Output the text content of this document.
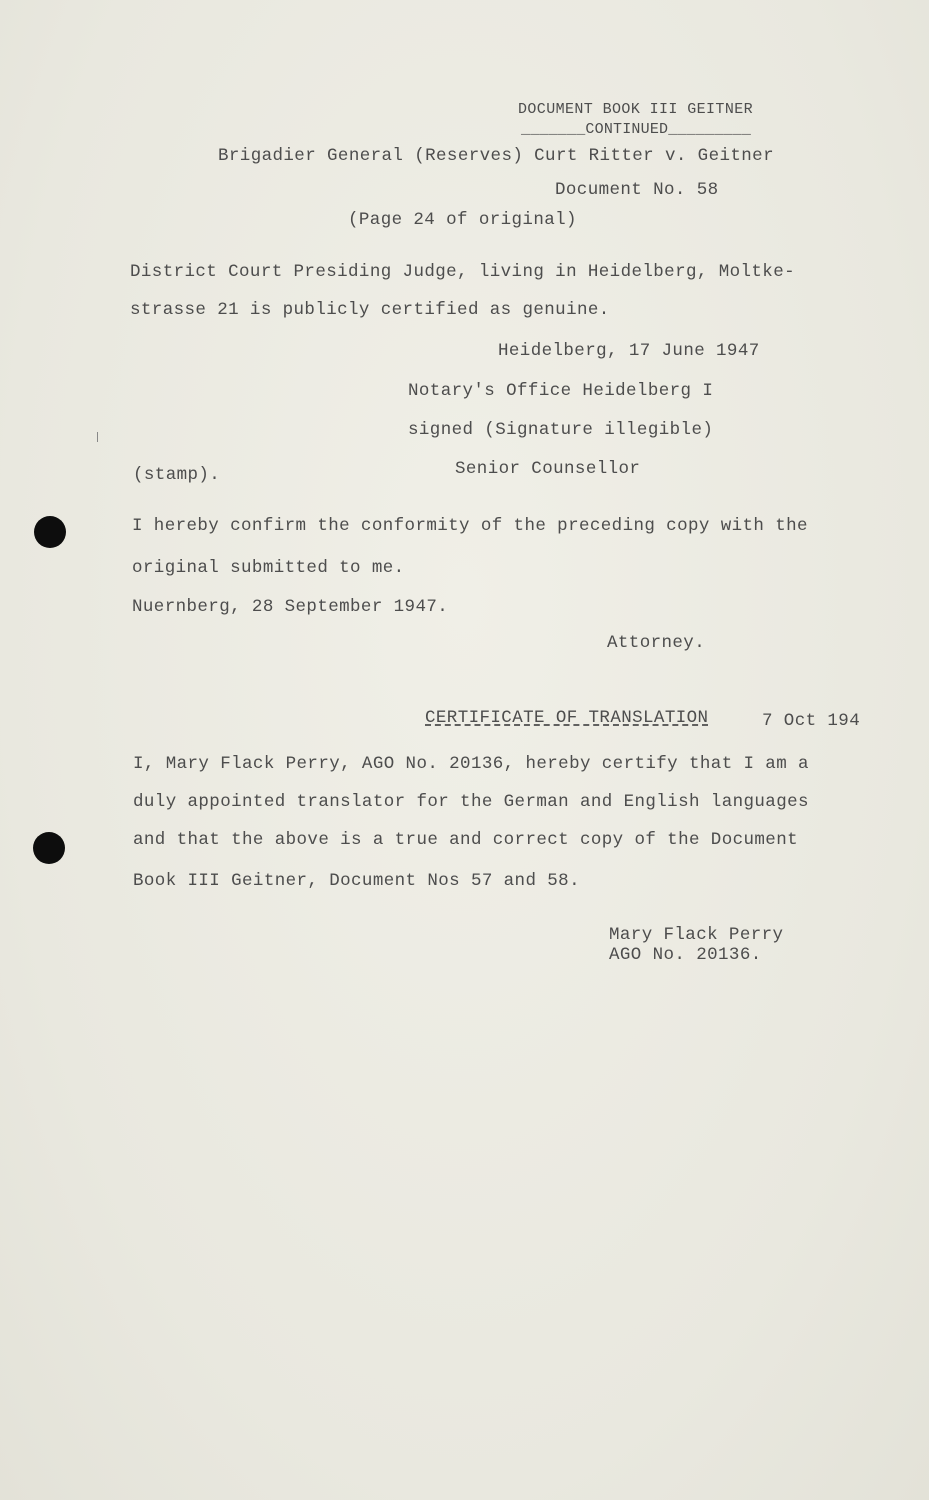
DOCUMENT BOOK III GEITNER
_______CONTINUED_________
Brigadier General (Reserves) Curt Ritter v. Geitner
Document No. 58
(Page 24 of original)
District Court Presiding Judge, living in Heidelberg, Moltke-
strasse 21 is publicly certified as genuine.
Heidelberg, 17 June 1947
Notary's Office Heidelberg I
signed (Signature illegible)
(stamp).	Senior Counsellor
I hereby confirm the conformity of the preceding copy with the
original submitted to me.
Nuernberg, 28 September 1947.
Attorney.
CERTIFICATE OF TRANSLATION	7 Oct 194
I, Mary Flack Perry, AGO No. 20136, hereby certify that I am a
duly appointed translator for the German and English languages
and that the above is a true and correct copy of the Document
Book III Geitner, Document Nos 57 and 58.
Mary Flack Perry
AGO No. 20136.
